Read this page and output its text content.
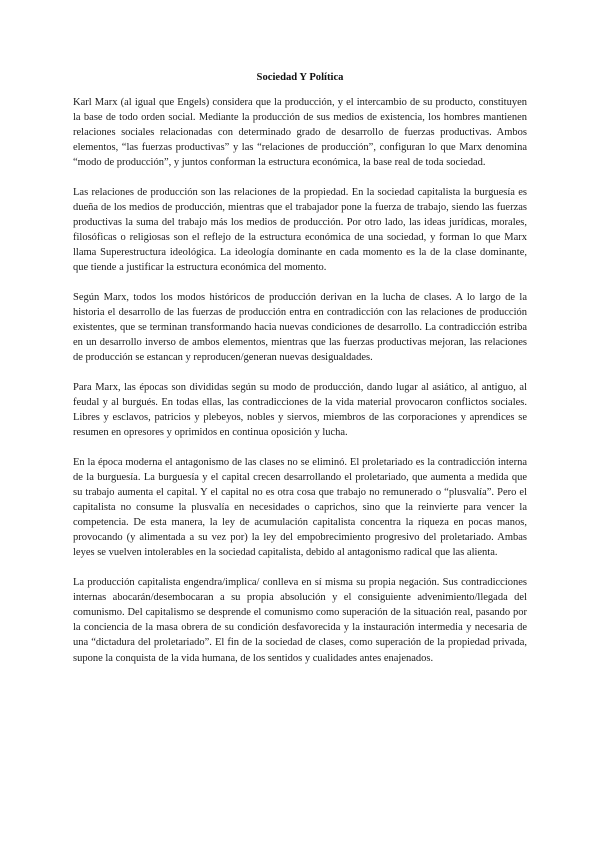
Sociedad Y Política

Karl Marx (al igual que Engels) considera que la producción, y el intercambio de su producto, constituyen la base de todo orden social. Mediante la producción de sus medios de existencia, los hombres mantienen relaciones sociales relacionadas con determinado grado de desarrollo de fuerzas productivas. Ambos elementos, “las fuerzas productivas” y las “relaciones de producción”, configuran lo que Marx denomina “modo de producción”, y juntos conforman la estructura económica, la base real de toda sociedad.

Las relaciones de producción son las relaciones de la propiedad. En la sociedad capitalista la burguesía es dueña de los medios de producción, mientras que el trabajador pone la fuerza de trabajo, siendo las fuerzas productivas la suma del trabajo más los medios de producción. Por otro lado, las ideas jurídicas, morales, filosóficas o religiosas son el reflejo de la estructura económica de una sociedad, y forman lo que Marx llama Superestructura ideológica. La ideología dominante en cada momento es la de la clase dominante, que tiende a justificar la estructura económica del momento.

Según Marx, todos los modos históricos de producción derivan en la lucha de clases. A lo largo de la historia el desarrollo de las fuerzas de producción entra en contradicción con las relaciones de producción existentes, que se terminan transformando hacia nuevas condiciones de desarrollo. La contradicción estriba en un desarrollo inverso de ambos elementos, mientras que las fuerzas productivas mejoran, las relaciones de producción se estancan y reproducen/generan nuevas desigualdades.

Para Marx, las épocas son divididas según su modo de producción, dando lugar al asiático, al antiguo, al feudal y al burgués. En todas ellas, las contradicciones de la vida material provocaron conflictos sociales. Libres y esclavos, patricios y plebeyos, nobles y siervos, miembros de las corporaciones y aprendices se resumen en opresores y oprimidos en continua oposición y lucha.

En la época moderna el antagonismo de las clases no se eliminó. El proletariado es la contradicción interna de la burguesía. La burguesía y el capital crecen desarrollando el proletariado, que aumenta a medida que su trabajo aumenta el capital. Y el capital no es otra cosa que trabajo no remunerado o “plusvalía”. Pero el capitalista no consume la plusvalía en necesidades o caprichos, sino que la reinvierte para vencer la competencia. De esta manera, la ley de acumulación capitalista concentra la riqueza en pocas manos, provocando (y alimentada a su vez por) la ley del empobrecimiento progresivo del proletariado. Ambas leyes se vuelven intolerables en la sociedad capitalista, debido al antagonismo radical que las alienta.

La producción capitalista engendra/implica/ conlleva en sí misma su propia negación. Sus contradicciones internas abocarán/desembocaran a su propia absolución y el consiguiente advenimiento/llegada del comunismo. Del capitalismo se desprende el comunismo como superación de la situación real, pasando por la conciencia de la masa obrera de su condición desfavorecida y la instauración intermedia y necesaria de una “dictadura del proletariado”. El fin de la sociedad de clases, como superación de la propiedad privada, supone la conquista de la vida humana, de los sentidos y cualidades antes enajenados.
